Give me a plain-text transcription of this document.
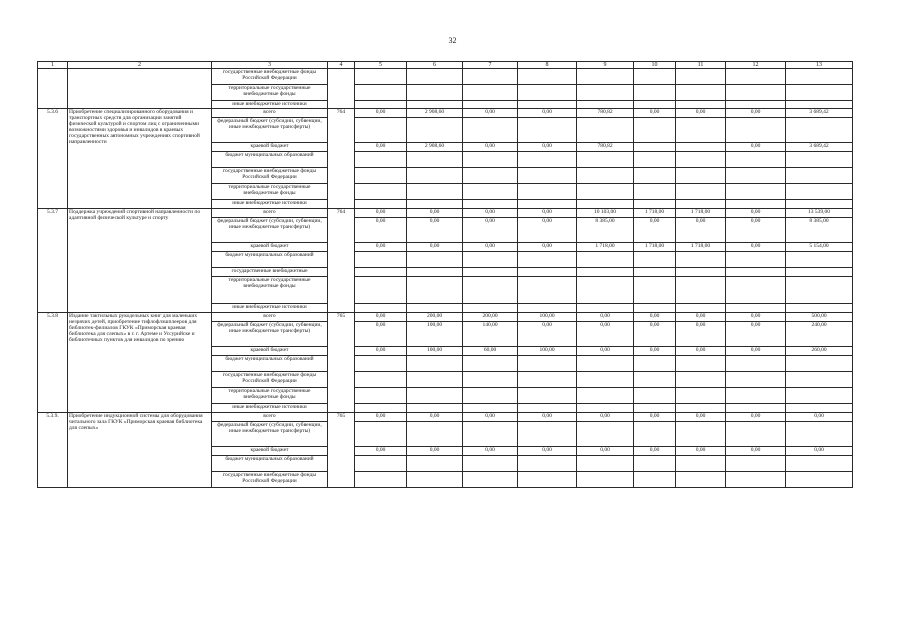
32
1	2	3	4	5	6	7	8	9	10	11	12	13
		государственные внебюджетные фонды Российской Федерации										
		территориальные государственные внебюджетные фонды										
		иные внебюджетные источники										
5.3.6	Приобретение специализированного оборудования и транспортных средств для организации занятий физической культурой и спортом лиц с ограниченными возможностями здоровья и инвалидов в краевых государственных автономных учреждениях спортивной направленности	всего	764	0,00	2 908,60	0,00	0,00	780,82	0,00	0,00	0,00	3 689,42
		федеральный бюджет (субсидии, субвенции, иные межбюджетные трансферты)										
		краевой бюджет		0,00	2 908,60	0,00	0,00	780,82			0,00	3 689,42
		бюджет муниципальных образований										
		государственные внебюджетные фонды Российской Федерации										
		территориальные государственные внебюджетные фонды										
		иные внебюджетные источники										
5.3.7	Поддержка учреждений спортивной направленности по адаптивной физической культуре и спорту	всего	764	0,00	0,00	0,00	0,00	10 103,00	1 718,00	1 718,00	0,00	13 539,00
		федеральный бюджет (субсидии, субвенции, иные межбюджетные трансферты)		0,00	0,00	0,00	0,00	8 385,00	0,00	0,00	0,00	8 385,00
		краевой бюджет		0,00	0,00	0,00	0,00	1 718,00	1 718,00	1 718,00	0,00	5 154,00
		бюджет муниципальных образований										
		государственные внебюджетные										
		территориальные государственные внебюджетные фонды										
		иные внебюджетные источники										
5.3.8	Издание тактильных рукодельных книг для маленьких незрячих детей, приобретение тифлофлэшплееров для библиотек-филиалов ГКУК «Приморская краевая библиотека для слепых» в г. г. Артеме и Уссурийске и библиотечных пунктов для инвалидов по зрению	всего	765	0,00	200,00	200,00	100,00	0,00	0,00	0,00	0,00	500,00
		федеральный бюджет (субсидии, субвенции, иные межбюджетные трансферты)		0,00	100,00	140,00	0,00	0,00	0,00	0,00	0,00	240,00
		краевой бюджет		0,00	100,00	60,00	100,00	0,00	0,00	0,00	0,00	260,00
		бюджет муниципальных образований										
		государственные внебюджетные фонды Российской Федерации										
		территориальные государственные внебюджетные фонды										
		иные внебюджетные источники										
5.3.9.	Приобретение индукционной системы для оборудования читального зала ГКУК «Приморская краевая библиотека для слепых»	всего	765	0,00	0,00	0,00	0,00	0,00	0,00	0,00	0,00	0,00
		федеральный бюджет (субсидии, субвенции, иные межбюджетные трансферты)										
		краевой бюджет		0,00	0,00	0,00	0,00	0,00	0,00	0,00	0,00	0,00
		бюджет муниципальных образований										
		государственные внебюджетные фонды Российской Федерации										
